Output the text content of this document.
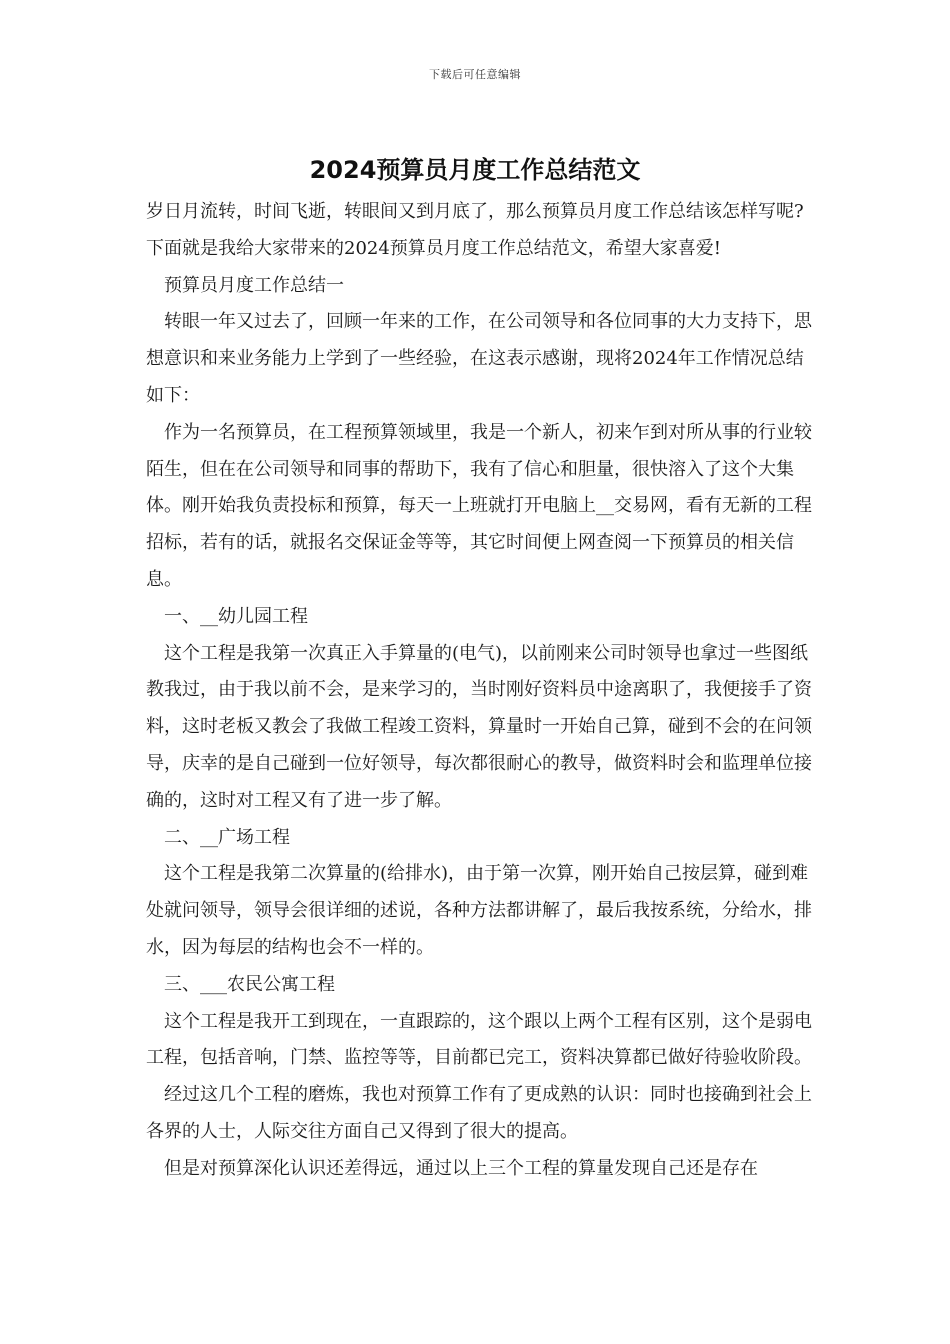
下载后可任意编辑
2024预算员月度工作总结范文

岁日月流转，时间飞逝，转眼间又到月底了，那么预算员月度工作总结该怎样写呢?下面就是我给大家带来的2024预算员月度工作总结范文，希望大家喜爱!

预算员月度工作总结一

转眼一年又过去了，回顾一年来的工作，在公司领导和各位同事的大力支持下，思想意识和来业务能力上学到了一些经验，在这表示感谢，现将2024年工作情况总结如下：

作为一名预算员，在工程预算领域里，我是一个新人，初来乍到对所从事的行业较陌生，但在在公司领导和同事的帮助下，我有了信心和胆量，很快溶入了这个大集体。刚开始我负责投标和预算，每天一上班就打开电脑上__交易网，看有无新的工程招标，若有的话，就报名交保证金等等，其它时间便上网查阅一下预算员的相关信息。

一、__幼儿园工程

这个工程是我第一次真正入手算量的(电气)，以前刚来公司时领导也拿过一些图纸教我过，由于我以前不会，是来学习的，当时刚好资料员中途离职了，我便接手了资料，这时老板又教会了我做工程竣工资料，算量时一开始自己算，碰到不会的在问领导，庆幸的是自己碰到一位好领导，每次都很耐心的教导，做资料时会和监理单位接确的，这时对工程又有了进一步了解。

二、__广场工程

这个工程是我第二次算量的(给排水)，由于第一次算，刚开始自己按层算，碰到难处就问领导，领导会很详细的述说，各种方法都讲解了，最后我按系统，分给水，排水，因为每层的结构也会不一样的。

三、___农民公寓工程

这个工程是我开工到现在，一直跟踪的，这个跟以上两个工程有区别，这个是弱电工程，包括音响，门禁、监控等等，目前都已完工，资料决算都已做好待验收阶段。

经过这几个工程的磨炼，我也对预算工作有了更成熟的认识：同时也接确到社会上各界的人士，人际交往方面自己又得到了很大的提高。

但是对预算深化认识还差得远，通过以上三个工程的算量发现自己还是存在
